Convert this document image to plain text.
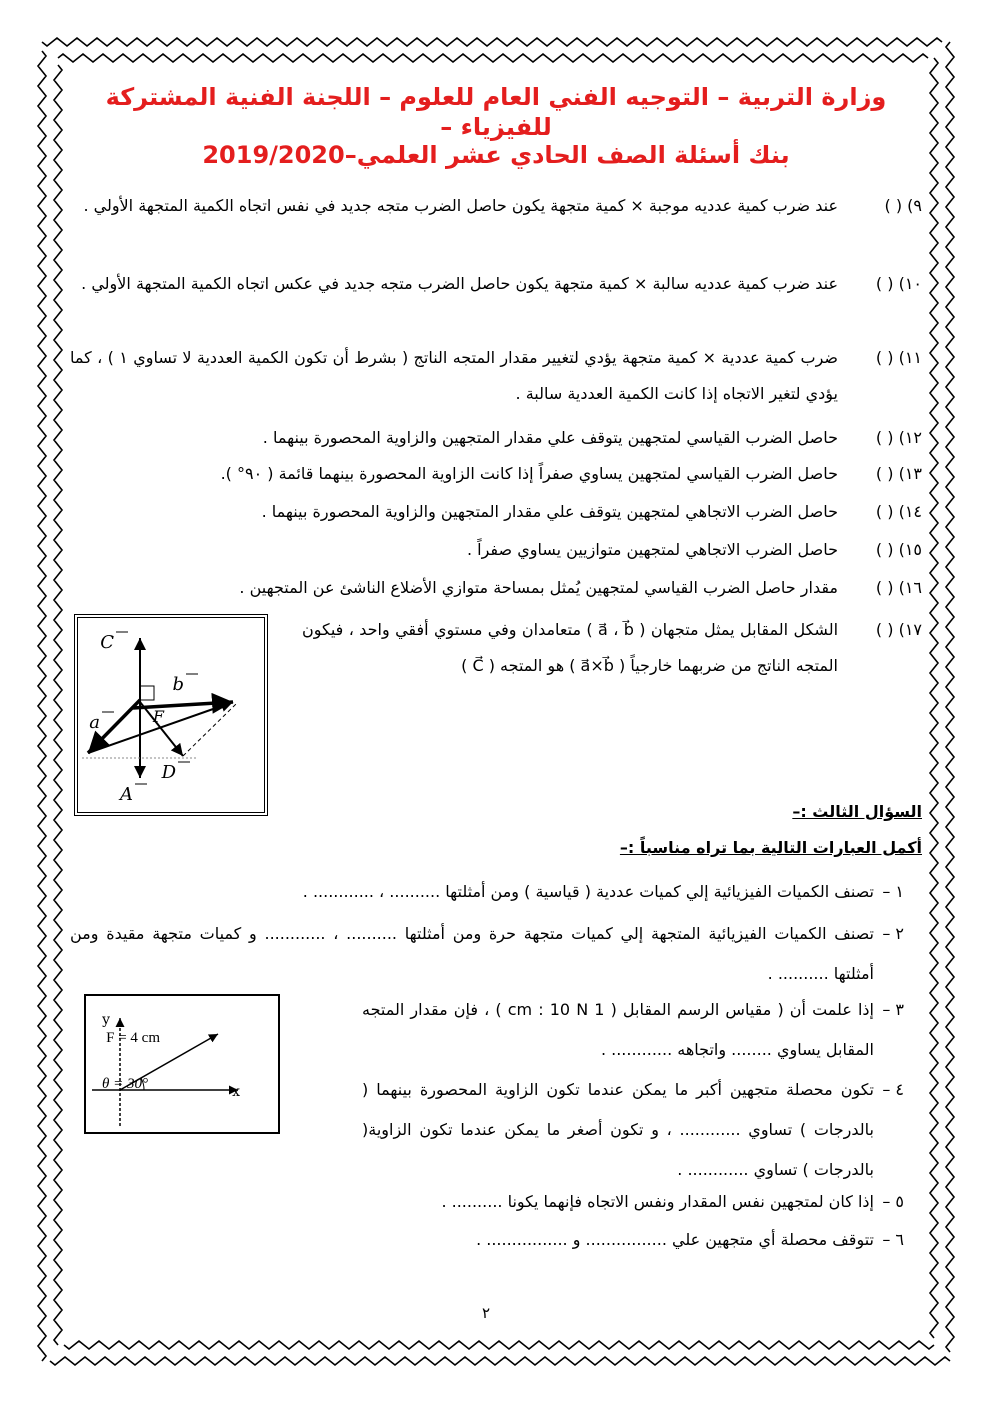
وزارة التربية – التوجيه الفني العام للعلوم – اللجنة الفنية المشتركة للفيزياء –
بنك أسئلة الصف الحادي عشر العلمي–2019/2020
٩) ( )
عند ضرب كمية عدديه موجبة × كمية متجهة يكون حاصل الضرب متجه جديد في نفس اتجاه الكمية المتجهة الأولي .
١٠) ( )
عند ضرب كمية عدديه سالبة × كمية متجهة يكون حاصل الضرب متجه جديد في عكس اتجاه الكمية المتجهة الأولي .
١١) ( )
ضرب كمية عددية × كمية متجهة يؤدي لتغيير مقدار المتجه الناتج ( بشرط أن تكون الكمية العددية لا تساوي ١ ) ، كما يؤدي لتغير الاتجاه إذا كانت الكمية العددية سالبة .
١٢) ( )
حاصل الضرب القياسي لمتجهين يتوقف علي مقدار المتجهين والزاوية المحصورة بينهما .
١٣) ( )
حاصل الضرب القياسي لمتجهين يساوي صفراً إذا كانت الزاوية المحصورة بينهما قائمة ( ٩٠° ).
١٤) ( )
حاصل الضرب الاتجاهي لمتجهين يتوقف علي مقدار المتجهين والزاوية المحصورة بينهما .
١٥) ( )
حاصل الضرب الاتجاهي لمتجهين متوازيين يساوي صفراً .
١٦) ( )
مقدار حاصل الضرب القياسي لمتجهين يُمثل بمساحة متوازي الأضلاع الناشئ عن المتجهين .
١٧) ( )
الشكل المقابل يمثل متجهان ( a⃗ ، b⃗ ) متعامدان وفي مستوي أفقي واحد ، فيكون المتجه الناتج من ضربهما خارجياً ( a⃗×b⃗ ) هو المتجه ( C⃗ )
C
b
a	F
D
A
السؤال الثالث :–
أكمل العبارات التالية بما تراه مناسباً :–
١ –
تصنف الكميات الفيزيائية إلي كميات عددية ( قياسية ) ومن أمثلتها .......... ، ............ .
٢ –
تصنف الكميات الفيزيائية المتجهة إلي كميات متجهة حرة ومن أمثلتها .......... ، ............ و كميات متجهة مقيدة ومن أمثلتها .......... .
٣ –
إذا علمت أن ( مقياس الرسم المقابل ( 1 cm : 10 N ) ، فإن مقدار المتجه المقابل يساوي ........ واتجاهه ............ .
٤ –
تكون محصلة متجهين أكبر ما يمكن عندما تكون الزاوية المحصورة بينهما ( بالدرجات ) تساوي ............ ، و تكون أصغر ما يمكن عندما تكون الزاوية( بالدرجات ) تساوي ............ .
٥ –
إذا كان لمتجهين نفس المقدار ونفس الاتجاه فإنهما يكونا .......... .
٦ –
تتوقف محصلة أي متجهين علي ................ و ................ .
y
x
F = 4 cm
θ = 30°
٢
